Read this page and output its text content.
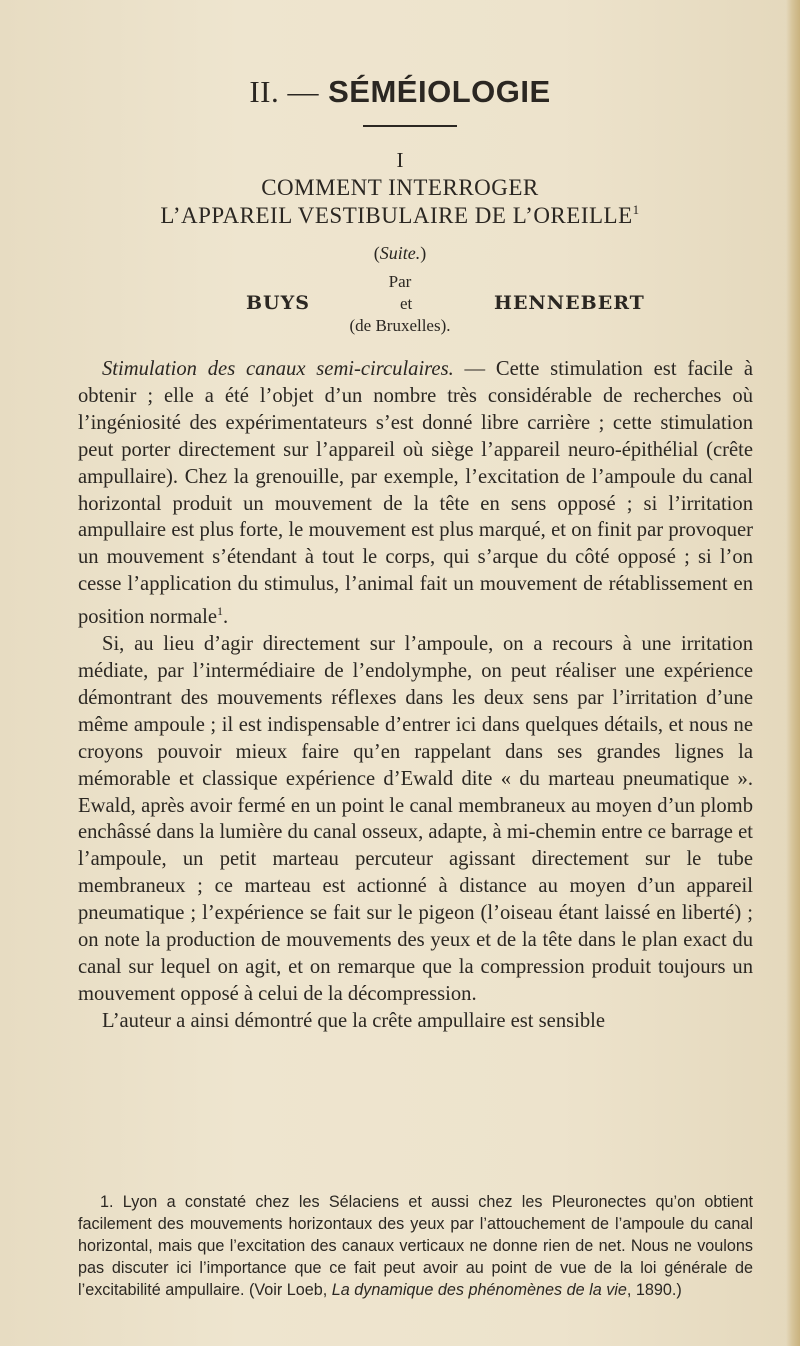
II. — SÉMÉIOLOGIE
I
COMMENT INTERROGER
L’APPAREIL VESTIBULAIRE DE L’OREILLE$^1$
(Suite.)
Par
BUYS	et	HENNEBERT
(de Bruxelles).

Stimulation des canaux semi-circulaires. — Cette stimulation est facile à obtenir ; elle a été l’objet d’un nombre très considérable de recherches où l’ingéniosité des expérimentateurs s’est donné libre carrière ; cette stimulation peut porter directement sur l’appareil où siège l’appareil neuro-épithélial (crête ampullaire). Chez la grenouille, par exemple, l’excitation de l’ampoule du canal horizontal produit un mouvement de la tête en sens opposé ; si l’irritation ampullaire est plus forte, le mouvement est plus marqué, et on finit par provoquer un mouvement s’étendant à tout le corps, qui s’arque du côté opposé ; si l’on cesse l’application du stimulus, l’animal fait un mouvement de rétablissement en position normale$^1$.

Si, au lieu d’agir directement sur l’ampoule, on a recours à une irritation médiate, par l’intermédiaire de l’endolymphe, on peut réaliser une expérience démontrant des mouvements réflexes dans les deux sens par l’irritation d’une même ampoule ; il est indispensable d’entrer ici dans quelques détails, et nous ne croyons pouvoir mieux faire qu’en rappelant dans ses grandes lignes la mémorable et classique expérience d’Ewald dite « du marteau pneumatique ». Ewald, après avoir fermé en un point le canal membraneux au moyen d’un plomb enchâssé dans la lumière du canal osseux, adapte, à mi-chemin entre ce barrage et l’ampoule, un petit marteau percuteur agissant directement sur le tube membraneux ; ce marteau est actionné à distance au moyen d’un appareil pneumatique ; l’expérience se fait sur le pigeon (l’oiseau étant laissé en liberté) ; on note la production de mouvements des yeux et de la tête dans le plan exact du canal sur lequel on agit, et on remarque que la compression produit toujours un mouvement opposé à celui de la décompression.

L’auteur a ainsi démontré que la crête ampullaire est sensible

1. Lyon a constaté chez les Sélaciens et aussi chez les Pleuronectes qu’on obtient facilement des mouvements horizontaux des yeux par l’attouchement de l’ampoule du canal horizontal, mais que l’excitation des canaux verticaux ne donne rien de net. Nous ne voulons pas discuter ici l’importance que ce fait peut avoir au point de vue de la loi générale de l’excitabilité ampullaire. (Voir Loeb, La dynamique des phénomènes de la vie, 1890.)
